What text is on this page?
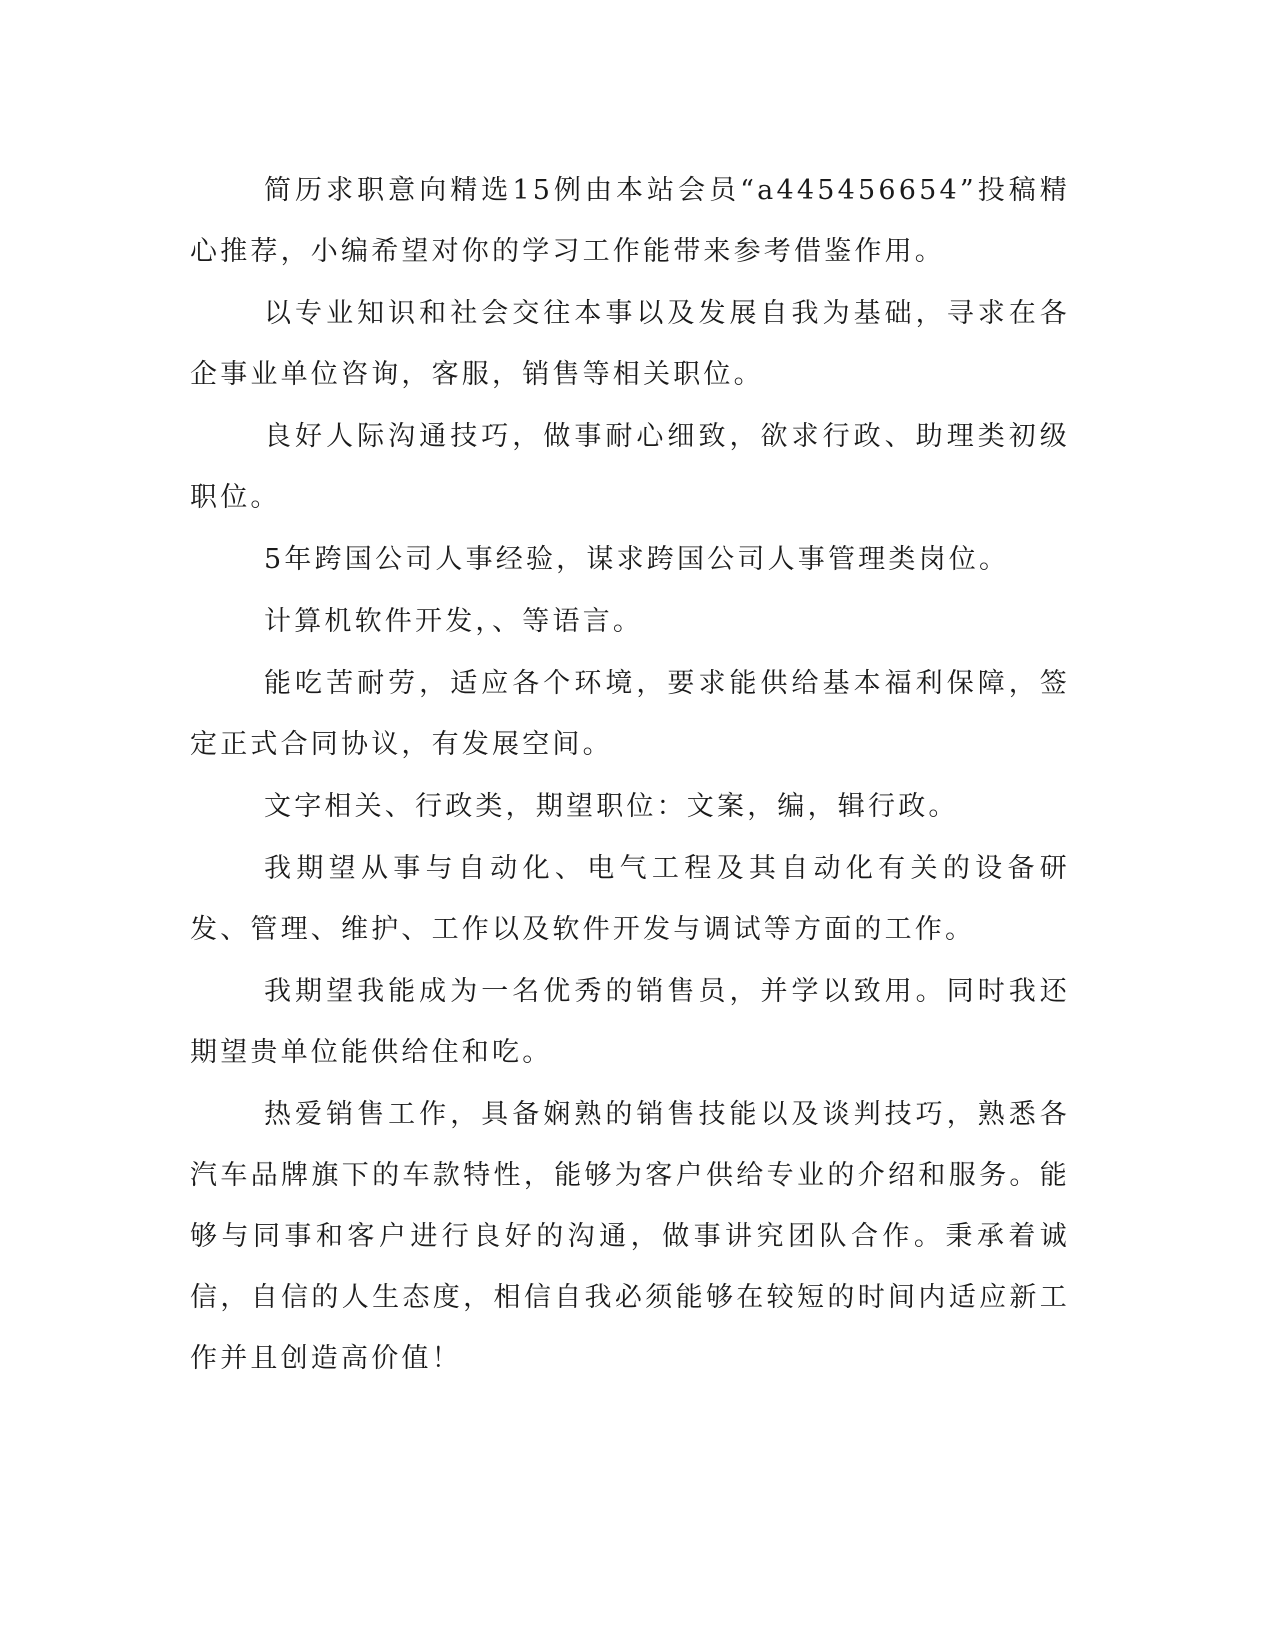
简历求职意向精选15例由本站会员“a445456654”投稿精心推荐，小编希望对你的学习工作能带来参考借鉴作用。

以专业知识和社会交往本事以及发展自我为基础，寻求在各企事业单位咨询，客服，销售等相关职位。

良好人际沟通技巧，做事耐心细致，欲求行政、助理类初级职位。

5年跨国公司人事经验，谋求跨国公司人事管理类岗位。

计算机软件开发，、等语言。

能吃苦耐劳，适应各个环境，要求能供给基本福利保障，签定正式合同协议，有发展空间。

文字相关、行政类，期望职位：文案，编，辑行政。

我期望从事与自动化、电气工程及其自动化有关的设备研发、管理、维护、工作以及软件开发与调试等方面的工作。

我期望我能成为一名优秀的销售员，并学以致用。同时我还期望贵单位能供给住和吃。

热爱销售工作，具备娴熟的销售技能以及谈判技巧，熟悉各汽车品牌旗下的车款特性，能够为客户供给专业的介绍和服务。能够与同事和客户进行良好的沟通，做事讲究团队合作。秉承着诚信，自信的人生态度，相信自我必须能够在较短的时间内适应新工作并且创造高价值！
